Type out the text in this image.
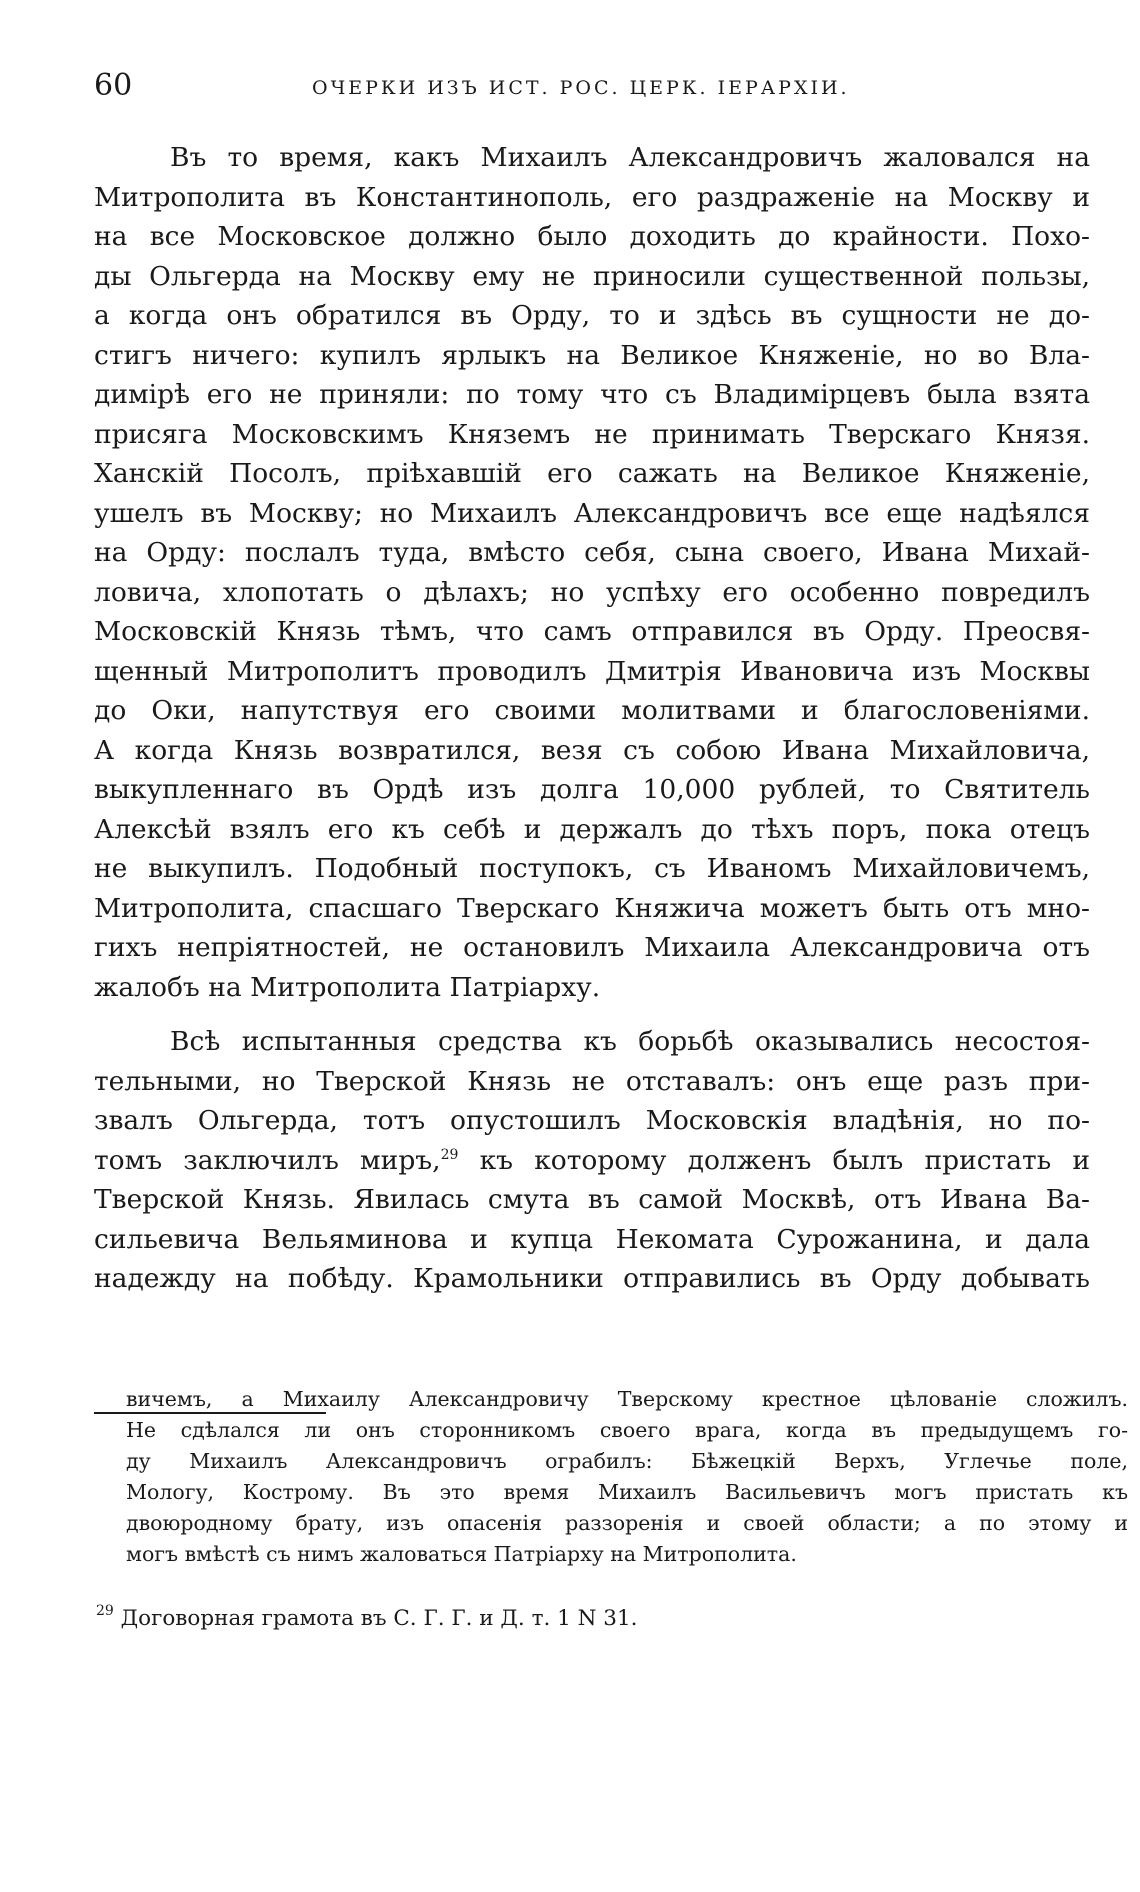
60	ОЧЕРКИ ИЗЪ ИСТ. РОС. ЦЕРК. IЕРАРХIИ.
Въ то время, какъ Михаилъ Александровичъ жаловался на
Митрополита въ Константинополь, его раздраженіе на Москву и
на все Московское должно было доходить до крайности. Похо-
ды Ольгерда на Москву ему не приносили существенной пользы,
а когда онъ обратился въ Орду, то и здѣсь въ сущности не до-
стигъ ничего: купилъ ярлыкъ на Великое Княженіе, но во Вла-
димірѣ его не приняли: по тому что съ Владимірцевъ была взята
присяга Московскимъ Княземъ не принимать Тверскаго Князя.
Ханскій Посолъ, пріѣхавшій его сажать на Великое Княженіе,
ушелъ въ Москву; но Михаилъ Александровичъ все еще надѣялся
на Орду: послалъ туда, вмѣсто себя, сына своего, Ивана Михай-
ловича, хлопотать о дѣлахъ; но успѣху его особенно повредилъ
Московскій Князь тѣмъ, что самъ отправился въ Орду. Преосвя-
щенный Митрополитъ проводилъ Дмитрія Ивановича изъ Москвы
до Оки, напутствуя его своими молитвами и благословеніями.
А когда Князь возвратился, везя съ собою Ивана Михайловича,
выкупленнаго въ Ордѣ изъ долга 10,000 рублей, то Святитель
Алексѣй взялъ его къ себѣ и держалъ до тѣхъ поръ, пока отецъ
не выкупилъ. Подобный поступокъ, съ Иваномъ Михайловичемъ,
Митрополита, спасшаго Тверскаго Княжича можетъ быть отъ мно-
гихъ непріятностей, не остановилъ Михаила Александровича отъ
жалобъ на Митрополита Патріарху.
Всѣ испытанныя средства къ борьбѣ оказывались несостоя-
тельными, но Тверской Князь не отставалъ: онъ еще разъ при-
звалъ Ольгерда, тотъ опустошилъ Московскія владѣнія, но по-
томъ заключилъ миръ,$^{29}$ къ которому долженъ былъ пристать и
Тверской Князь. Явилась смута въ самой Москвѣ, отъ Ивана Ва-
сильевича Вельяминова и купца Некомата Сурожанина, и дала
надежду на побѣду. Крамольники отправились въ Орду добывать
вичемъ, а Михаилу Александровичу Тверскому крестное цѣлованіе сложилъ.
Не сдѣлался ли онъ сторонникомъ своего врага, когда въ предыдущемъ го-
ду Михаилъ Александровичъ ограбилъ: Бѣжецкій Верхъ, Углечье поле,
Мологу, Кострому. Въ это время Михаилъ Васильевичъ могъ пристать къ
двоюродному брату, изъ опасенія раззоренія и своей области; а по этому и
могъ вмѣстѣ съ нимъ жаловаться Патріарху на Митрополита.
$^{29}$ Договорная грамота въ С. Г. Г. и Д. т. 1 N 31.
